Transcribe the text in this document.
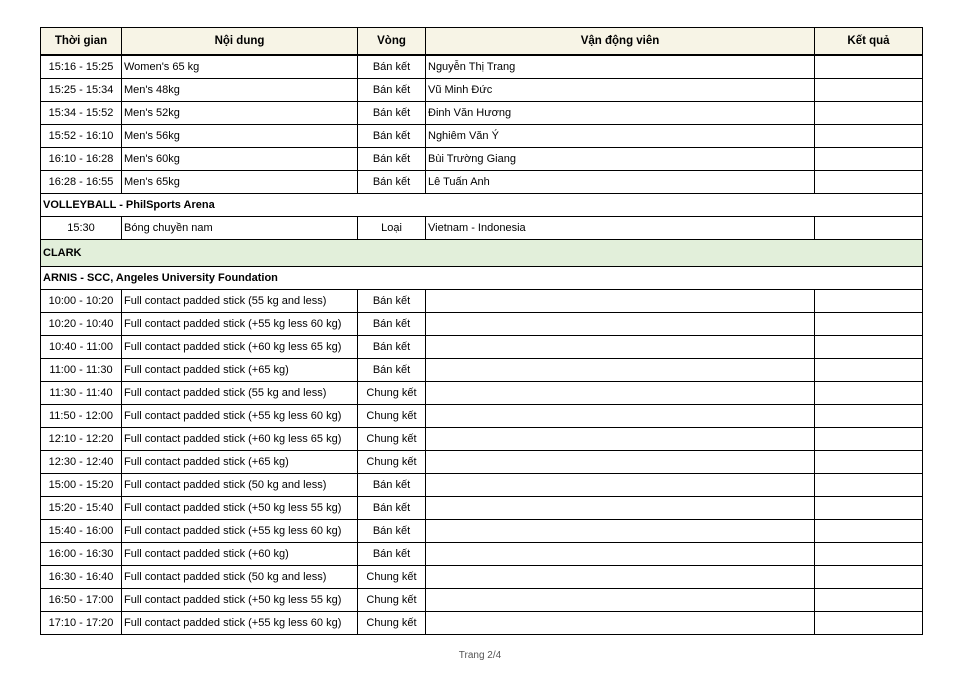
Thời gian	Nội dung	Vòng	Vận động viên	Kết quả
15:16 - 15:25	Women's 65 kg	Bán kết	Nguyễn Thị Trang	
15:25 - 15:34	Men's 48kg	Bán kết	Vũ Minh Đức	
15:34 - 15:52	Men's 52kg	Bán kết	Đinh Văn Hương	
15:52 - 16:10	Men's 56kg	Bán kết	Nghiêm Văn Ý	
16:10 - 16:28	Men's 60kg	Bán kết	Bùi Trường Giang	
16:28 - 16:55	Men's 65kg	Bán kết	Lê Tuấn Anh	
VOLLEYBALL - PhilSports Arena				
15:30	Bóng chuyền nam	Loại	Vietnam - Indonesia	
CLARK				
ARNIS - SCC, Angeles University Foundation				
10:00 - 10:20	Full contact padded stick (55 kg and less)	Bán kết		
10:20 - 10:40	Full contact padded stick (+55 kg less 60 kg)	Bán kết		
10:40 - 11:00	Full contact padded stick (+60 kg less 65 kg)	Bán kết		
11:00 - 11:30	Full contact padded stick (+65 kg)	Bán kết		
11:30 - 11:40	Full contact padded stick (55 kg and less)	Chung kết		
11:50 - 12:00	Full contact padded stick (+55 kg less 60 kg)	Chung kết		
12:10 - 12:20	Full contact padded stick (+60 kg less 65 kg)	Chung kết		
12:30 - 12:40	Full contact padded stick (+65 kg)	Chung kết		
15:00 - 15:20	Full contact padded stick (50 kg and less)	Bán kết		
15:20 - 15:40	Full contact padded stick (+50 kg less 55 kg)	Bán kết		
15:40 - 16:00	Full contact padded stick (+55 kg less 60 kg)	Bán kết		
16:00 - 16:30	Full contact padded stick (+60 kg)	Bán kết		
16:30 - 16:40	Full contact padded stick (50 kg and less)	Chung kết		
16:50 - 17:00	Full contact padded stick (+50 kg less 55 kg)	Chung kết		
17:10 - 17:20	Full contact padded stick (+55 kg less 60 kg)	Chung kết		
Trang 2/4
